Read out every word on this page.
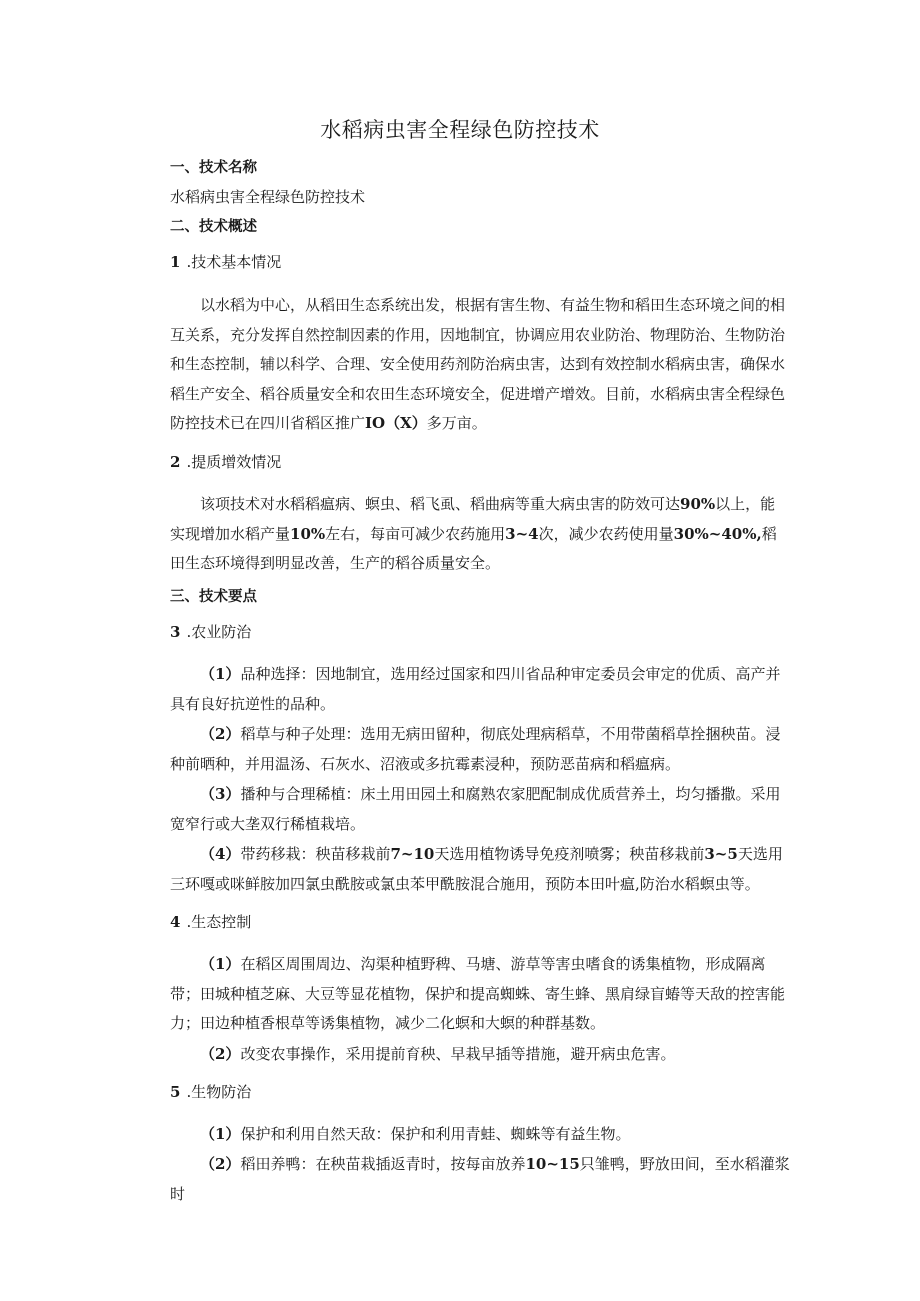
水稻病虫害全程绿色防控技术
一、技术名称
水稻病虫害全程绿色防控技术
二、技术概述
1 .技术基本情况
以水稻为中心，从稻田生态系统出发，根据有害生物、有益生物和稻田生态环境之间的相互关系，充分发挥自然控制因素的作用，因地制宜，协调应用农业防治、物理防治、生物防治和生态控制，辅以科学、合理、安全使用药剂防治病虫害，达到有效控制水稻病虫害，确保水稻生产安全、稻谷质量安全和农田生态环境安全，促进增产增效。目前，水稻病虫害全程绿色防控技术已在四川省稻区推广IO（X）多万亩。
2 .提质增效情况
该项技术对水稻稻瘟病、螟虫、稻飞虱、稻曲病等重大病虫害的防效可达90%以上，能实现增加水稻产量10%左右，每亩可减少农药施用3~4次，减少农药使用量30%~40%,稻田生态环境得到明显改善，生产的稻谷质量安全。
三、技术要点
3 .农业防治
（1）品种选择：因地制宜，选用经过国家和四川省品种审定委员会审定的优质、高产并具有良好抗逆性的品种。
（2）稻草与种子处理：选用无病田留种，彻底处理病稻草，不用带菌稻草拴捆秧苗。浸种前晒种，并用温汤、石灰水、沼液或多抗霉素浸种，预防恶苗病和稻瘟病。
（3）播种与合理稀植：床土用田园土和腐熟农家肥配制成优质营养土，均匀播撒。采用宽窄行或大垄双行稀植栽培。
（4）带药移栽：秧苗移栽前7~10天选用植物诱导免疫剂喷雾；秧苗移栽前3~5天选用三环嘎或咪鲜胺加四氯虫酰胺或氯虫苯甲酰胺混合施用，预防本田叶瘟,防治水稻螟虫等。
4 .生态控制
（1）在稻区周围周边、沟渠种植野稗、马塘、游草等害虫嗜食的诱集植物，形成隔离带；田城种植芝麻、大豆等显花植物，保护和提高蜘蛛、寄生蜂、黑肩绿盲蝽等天敌的控害能力；田边种植香根草等诱集植物，减少二化螟和大螟的种群基数。
（2）改变农事操作，采用提前育秧、早栽早插等措施，避开病虫危害。
5 .生物防治
（1）保护和利用自然天敌：保护和利用青蛙、蜘蛛等有益生物。
（2）稻田养鸭：在秧苗栽插返青时，按每亩放养10~15只雏鸭，野放田间，至水稻灌浆时
